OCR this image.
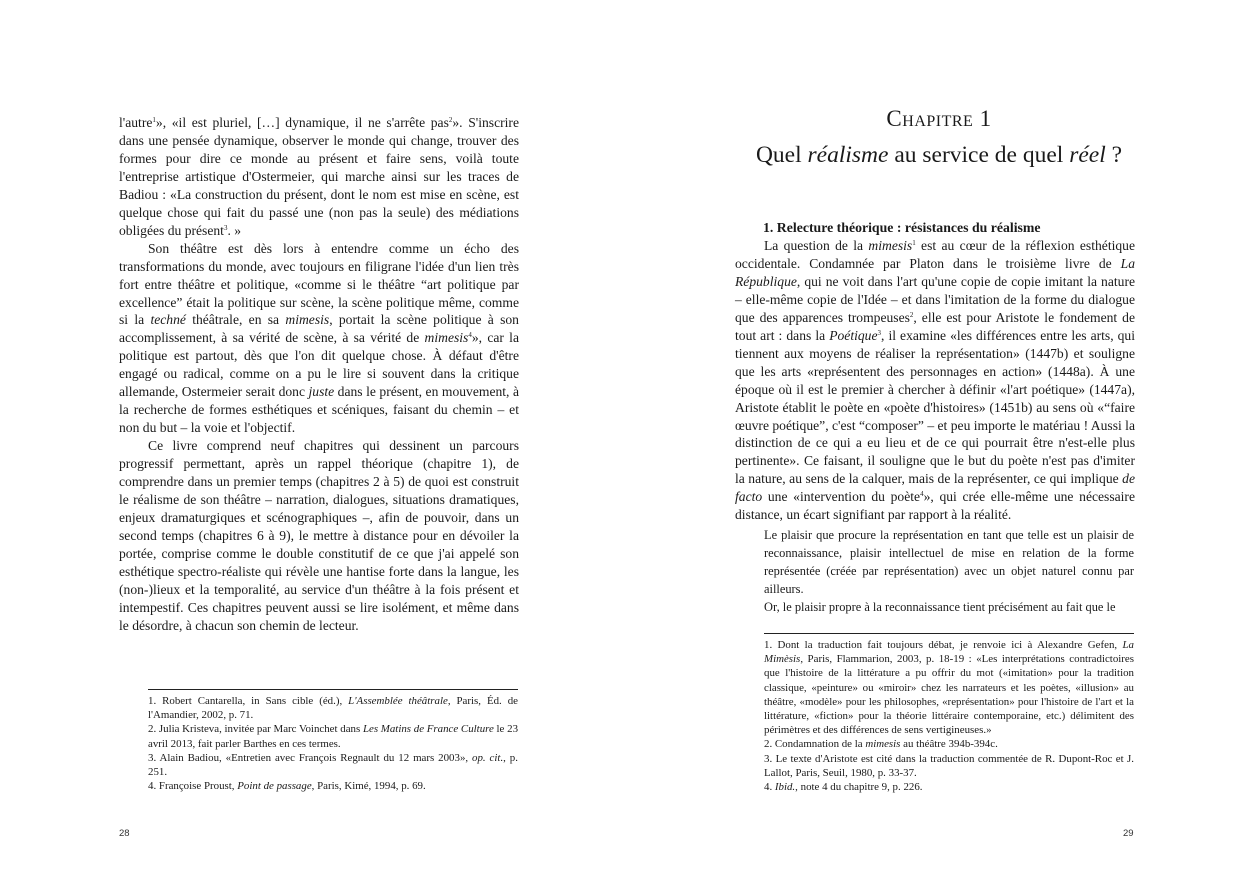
l'autre$^1$», «il est pluriel, […] dynamique, il ne s'arrête pas$^2$». S'inscrire dans une pensée dynamique, observer le monde qui change, trouver des formes pour dire ce monde au présent et faire sens, voilà toute l'entreprise artistique d'Ostermeier, qui marche ainsi sur les traces de Badiou : «La construction du présent, dont le nom est mise en scène, est quelque chose qui fait du passé une (non pas la seule) des médiations obligées du présent$^3$. »

Son théâtre est dès lors à entendre comme un écho des transformations du monde, avec toujours en filigrane l'idée d'un lien très fort entre théâtre et politique, «comme si le théâtre “art politique par excellence” était la politique sur scène, la scène politique même, comme si la techné théâtrale, en sa mimesis, portait la scène politique à son accomplissement, à sa vérité de scène, à sa vérité de mimesis$^4$», car la politique est partout, dès que l'on dit quelque chose. À défaut d'être engagé ou radical, comme on a pu le lire si souvent dans la critique allemande, Ostermeier serait donc juste dans le présent, en mouvement, à la recherche de formes esthétiques et scéniques, faisant du chemin – et non du but – la voie et l'objectif.

Ce livre comprend neuf chapitres qui dessinent un parcours progressif permettant, après un rappel théorique (chapitre 1), de comprendre dans un premier temps (chapitres 2 à 5) de quoi est construit le réalisme de son théâtre – narration, dialogues, situations dramatiques, enjeux dramaturgiques et scénographiques –, afin de pouvoir, dans un second temps (chapitres 6 à 9), le mettre à distance pour en dévoiler la portée, comprise comme le double constitutif de ce que j'ai appelé son esthétique spectro-réaliste qui révèle une hantise forte dans la langue, les (non-)lieux et la temporalité, au service d'un théâtre à la fois présent et intempestif. Ces chapitres peuvent aussi se lire isolément, et même dans le désordre, à chacun son chemin de lecteur.

1. Robert Cantarella, in Sans cible (éd.), L'Assemblée théâtrale, Paris, Éd. de l'Amandier, 2002, p. 71.

2. Julia Kristeva, invitée par Marc Voinchet dans Les Matins de France Culture le 23 avril 2013, fait parler Barthes en ces termes.

3. Alain Badiou, «Entretien avec François Regnault du 12 mars 2003», op. cit., p. 251.

4. Françoise Proust, Point de passage, Paris, Kimé, 1994, p. 69.

28
Chapitre 1
Quel réalisme au service de quel réel ?
1. Relecture théorique : résistances du réalisme

La question de la mimesis$^1$ est au cœur de la réflexion esthétique occidentale. Condamnée par Platon dans le troisième livre de La République, qui ne voit dans l'art qu'une copie de copie imitant la nature – elle-même copie de l'Idée – et dans l'imitation de la forme du dialogue que des apparences trompeuses$^2$, elle est pour Aristote le fondement de tout art : dans la Poétique$^3$, il examine «les différences entre les arts, qui tiennent aux moyens de réaliser la représentation» (1447b) et souligne que les arts «représentent des personnages en action» (1448a). À une époque où il est le premier à chercher à définir «l'art poétique» (1447a), Aristote établit le poète en «poète d'histoires» (1451b) au sens où «“faire œuvre poétique”, c'est “composer” – et peu importe le matériau ! Aussi la distinction de ce qui a eu lieu et de ce qui pourrait être n'est-elle plus pertinente». Ce faisant, il souligne que le but du poète n'est pas d'imiter la nature, au sens de la calquer, mais de la représenter, ce qui implique de facto une «intervention du poète$^4$», qui crée elle-même une nécessaire distance, un écart signifiant par rapport à la réalité.

Le plaisir que procure la représentation en tant que telle est un plaisir de reconnaissance, plaisir intellectuel de mise en relation de la forme représentée (créée par représentation) avec un objet naturel connu par ailleurs.

Or, le plaisir propre à la reconnaissance tient précisément au fait que le

1. Dont la traduction fait toujours débat, je renvoie ici à Alexandre Gefen, La Mimèsis, Paris, Flammarion, 2003, p. 18-19 : «Les interprétations contradictoires que l'histoire de la littérature a pu offrir du mot («imitation» pour la tradition classique, «peinture» ou «miroir» chez les narrateurs et les poètes, «illusion» au théâtre, «modèle» pour les philosophes, «représentation» pour l'histoire de l'art et la littérature, «fiction» pour la théorie littéraire contemporaine, etc.) délimitent des périmètres et des différences de sens vertigineuses.»

2. Condamnation de la mimesis au théâtre 394b-394c.

3. Le texte d'Aristote est cité dans la traduction commentée de R. Dupont-Roc et J. Lallot, Paris, Seuil, 1980, p. 33-37.

4. Ibid., note 4 du chapitre 9, p. 226.

29
